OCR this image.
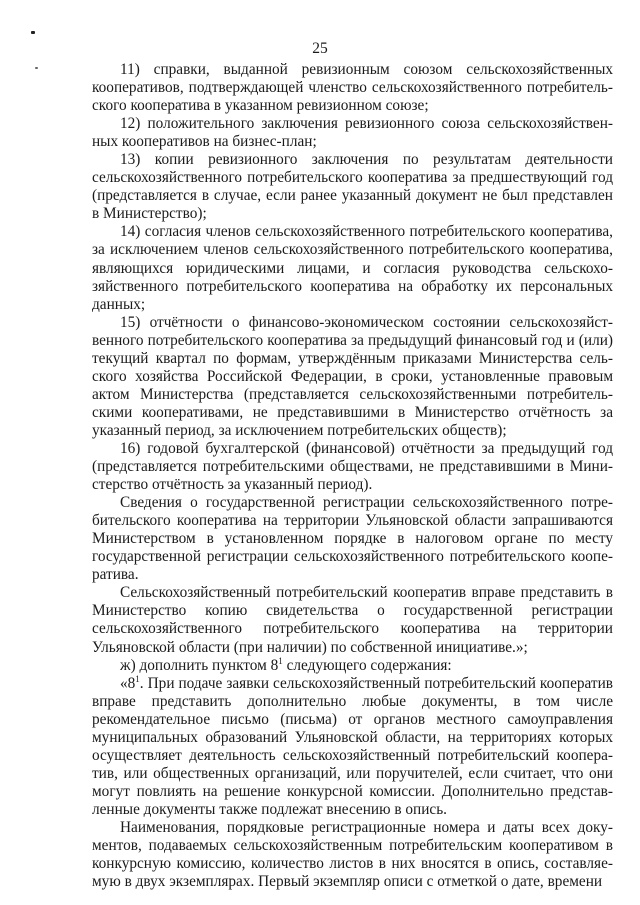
25

11) справки, выданной ревизионным союзом сельскохозяйственных кооперативов, подтверждающей членство сельскохозяйственного потребительского кооператива в указанном ревизионном союзе;

12) положительного заключения ревизионного союза сельскохозяйственных кооперативов на бизнес-план;

13) копии ревизионного заключения по результатам деятельности сельскохозяйственного потребительского кооператива за предшествующий год (представляется в случае, если ранее указанный документ не был представлен в Министерство);

14) согласия членов сельскохозяйственного потребительского кооператива, за исключением членов сельскохозяйственного потребительского кооператива, являющихся юридическими лицами, и согласия руководства сельскохозяйственного потребительского кооператива на обработку их персональных данных;

15) отчётности о финансово-экономическом состоянии сельскохозяйственного потребительского кооператива за предыдущий финансовый год и (или) текущий квартал по формам, утверждённым приказами Министерства сельского хозяйства Российской Федерации, в сроки, установленные правовым актом Министерства (представляется сельскохозяйственными потребительскими кооперативами, не представившими в Министерство отчётность за указанный период, за исключением потребительских обществ);

16) годовой бухгалтерской (финансовой) отчётности за предыдущий год (представляется потребительскими обществами, не представившими в Министерство отчётность за указанный период).

Сведения о государственной регистрации сельскохозяйственного потребительского кооператива на территории Ульяновской области запрашиваются Министерством в установленном порядке в налоговом органе по месту государственной регистрации сельскохозяйственного потребительского кооператива.

Сельскохозяйственный потребительский кооператив вправе представить в Министерство копию свидетельства о государственной регистрации сельскохозяйственного потребительского кооператива на территории Ульяновской области (при наличии) по собственной инициативе.»;

ж) дополнить пунктом $8^1$ следующего содержания:

«$8^1$. При подаче заявки сельскохозяйственный потребительский кооператив вправе представить дополнительно любые документы, в том числе рекомендательное письмо (письма) от органов местного самоуправления муниципальных образований Ульяновской области, на территориях которых осуществляет деятельность сельскохозяйственный потребительский кооператив, или общественных организаций, или поручителей, если считает, что они могут повлиять на решение конкурсной комиссии. Дополнительно представленные документы также подлежат внесению в опись.

Наименования, порядковые регистрационные номера и даты всех документов, подаваемых сельскохозяйственным потребительским кооперативом в конкурсную комиссию, количество листов в них вносятся в опись, составляемую в двух экземплярах. Первый экземпляр описи с отметкой о дате, времени
